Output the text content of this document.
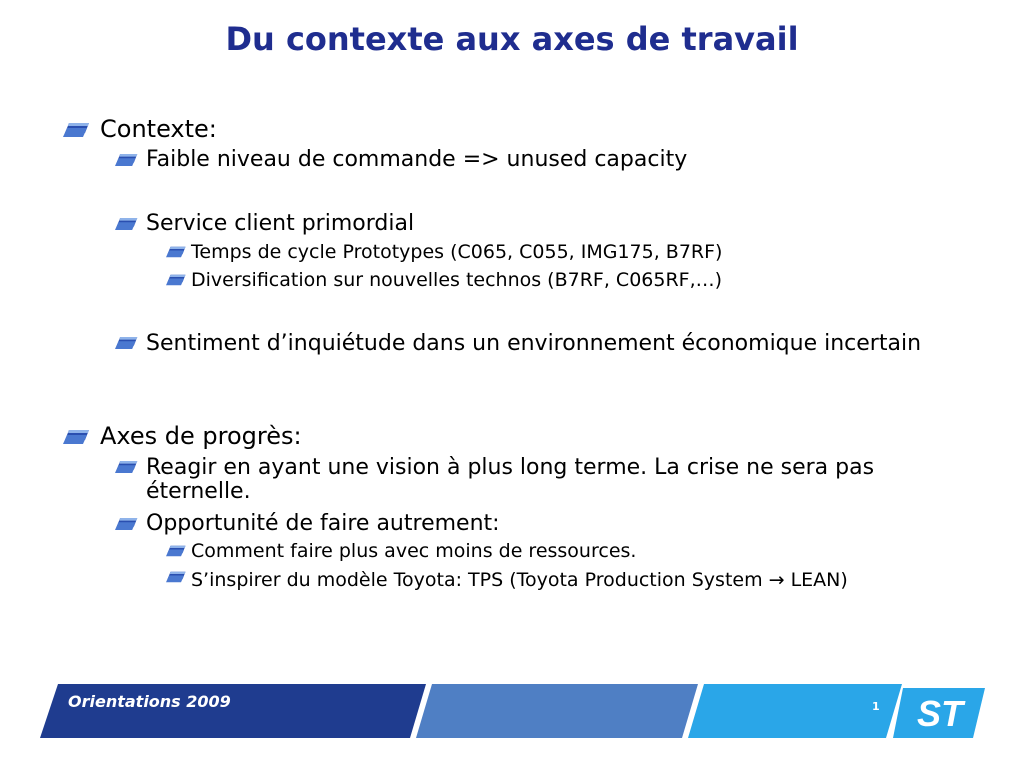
Du contexte aux axes de travail
Contexte:
Faible niveau de commande => unused capacity
Service client primordial
Temps de cycle Prototypes (C065, C055, IMG175, B7RF)
Diversification sur nouvelles technos (B7RF, C065RF,…)
Sentiment d’inquiétude dans un environnement économique incertain
Axes de progrès:
Reagir en ayant une vision à plus long terme. La crise ne sera pas éternelle.
Opportunité de faire autrement:
Comment faire plus avec moins de ressources.
S’inspirer du modèle Toyota: TPS (Toyota Production System → LEAN)
Orientations 2009	1 ST
